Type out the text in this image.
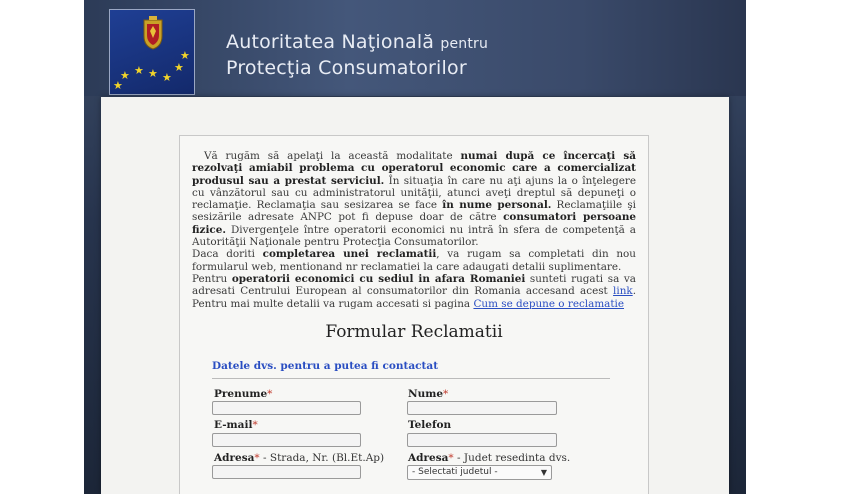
★ ★ ★ ★
★
★
★
Autoritatea Naţională pentru
Protecţia Consumatorilor

Vă rugăm să apelaţi la această modalitate numai după ce încercaţi să rezolvaţi amiabil problema cu operatorul economic care a comercializat produsul sau a prestat serviciul. În situaţia în care nu aţi ajuns la o înţelegere cu vânzătorul sau cu administratorul unităţii, atunci aveţi dreptul să depuneţi o reclamaţie. Reclamaţia sau sesizarea se face în nume personal. Reclamaţiile şi sesizările adresate ANPC pot fi depuse doar de către consumatori persoane fizice. Divergenţele între operatorii economici nu intră în sfera de competenţă a Autorităţii Naţionale pentru Protecţia Consumatorilor.

Daca doriti completarea unei reclamatii, va rugam sa completati din nou formularul web, mentionand nr reclamatiei la care adaugati detalii suplimentare.

Pentru operatorii economici cu sediul in afara Romaniei sunteti rugati sa va adresati Centrului European al consumatorilor din Romania accesand acest link. Pentru mai multe detalii va rugam accesati si pagina Cum se depune o reclamatie

Formular Reclamatii
Datele dvs. pentru a putea fi contactat
Prenume*	Nume*
E-mail*	Telefon
Adresa* - Strada, Nr. (Bl.Et.Ap) Adresa* - Judet resedinta dvs.
- Selectati judetul -	▼
